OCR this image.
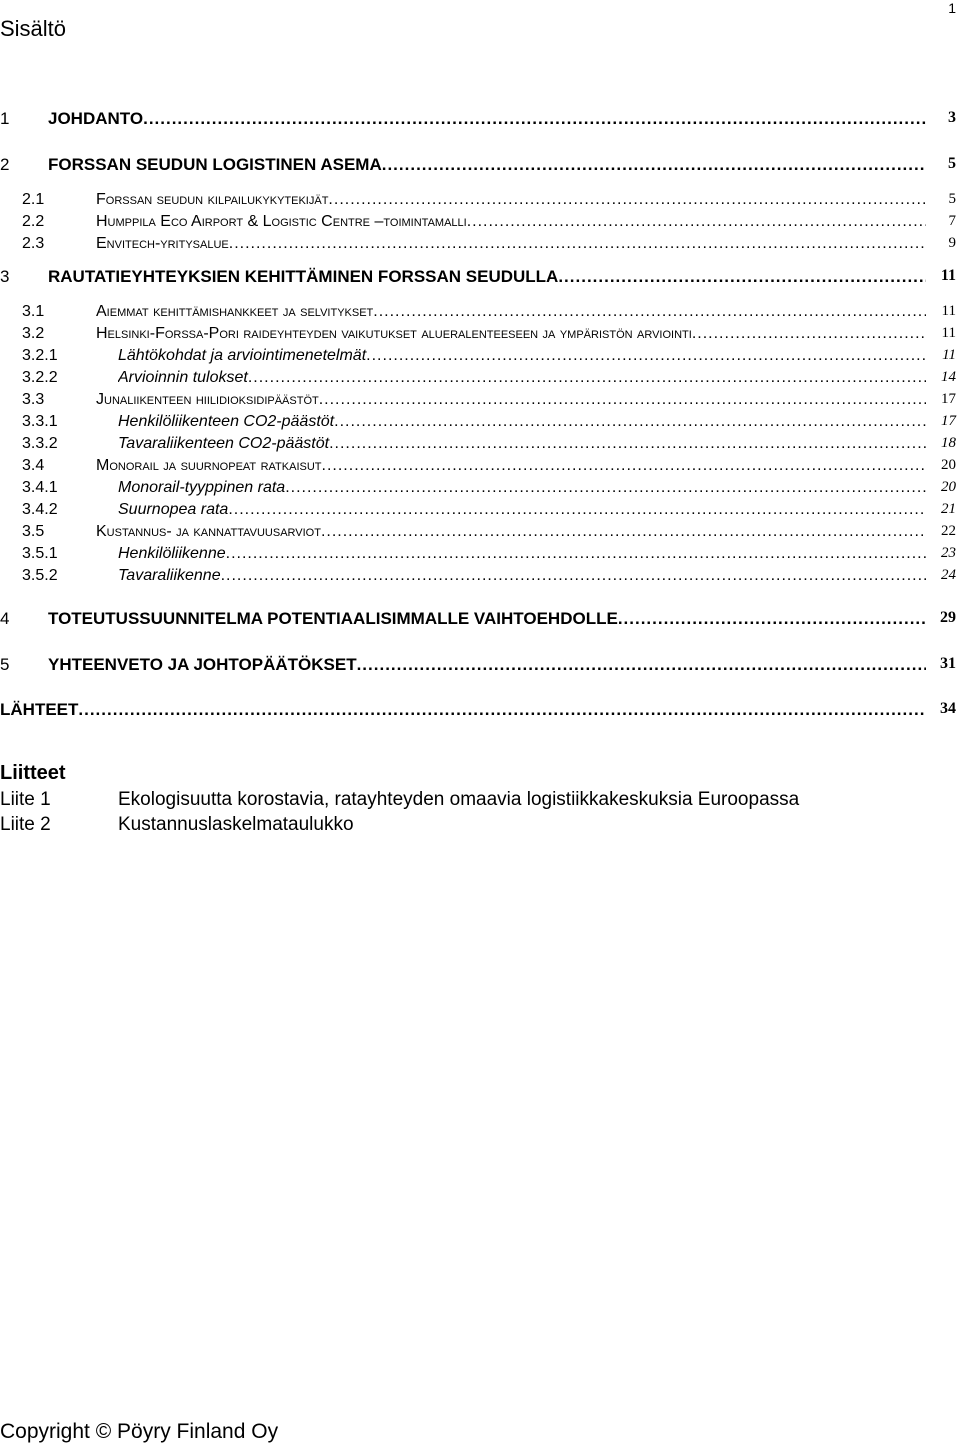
1
Sisältö
1 JOHDANTO .....	3
2 FORSSAN SEUDUN LOGISTINEN ASEMA .....	5
2.1	Forssan seudun kilpailukykytekijät .....	5
2.2	Humppila Eco Airport & Logistic Centre –toimintamalli .....	7
2.3	Envitech-yritysalue .....	9
3 RAUTATIEYHTEYKSIEN KEHITTÄMINEN FORSSAN SEUDULLA .....	11
3.1	Aiemmat kehittämishankkeet ja selvitykset .....	11
3.2	Helsinki-Forssa-Pori raideyhteyden vaikutukset alueralenteeseen ja ympäristön arviointi .....	11
3.2.1	Lähtökohdat ja arviointimenetelmät .....	11
3.2.2	Arvioinnin tulokset .....	14
3.3	Junaliikenteen hiilidioksidipäästöt .....	17
3.3.1	Henkilöliikenteen CO2-päästöt .....	17
3.3.2	Tavaraliikenteen CO2-päästöt .....	18
3.4	Monorail ja suurnopeat ratkaisut .....	20
3.4.1	Monorail-tyyppinen rata .....	20
3.4.2	Suurnopea rata .....	21
3.5	Kustannus- ja kannattavuusarviot .....	22
3.5.1	Henkilöliikenne .....	23
3.5.2	Tavaraliikenne .....	24
4 TOTEUTUSSUUNNITELMA POTENTIAALISIMMALLE VAIHTOEHDOLLE .....	29
5 YHTEENVETO JA JOHTOPÄÄTÖKSET .....	31
LÄHTEET .....	34
Liitteet
Liite 1	Ekologisuutta korostavia, ratayhteyden omaavia logistiikkakeskuksia Euroopassa
Liite 2	Kustannuslaskelmataulukko
Copyright © Pöyry Finland Oy
